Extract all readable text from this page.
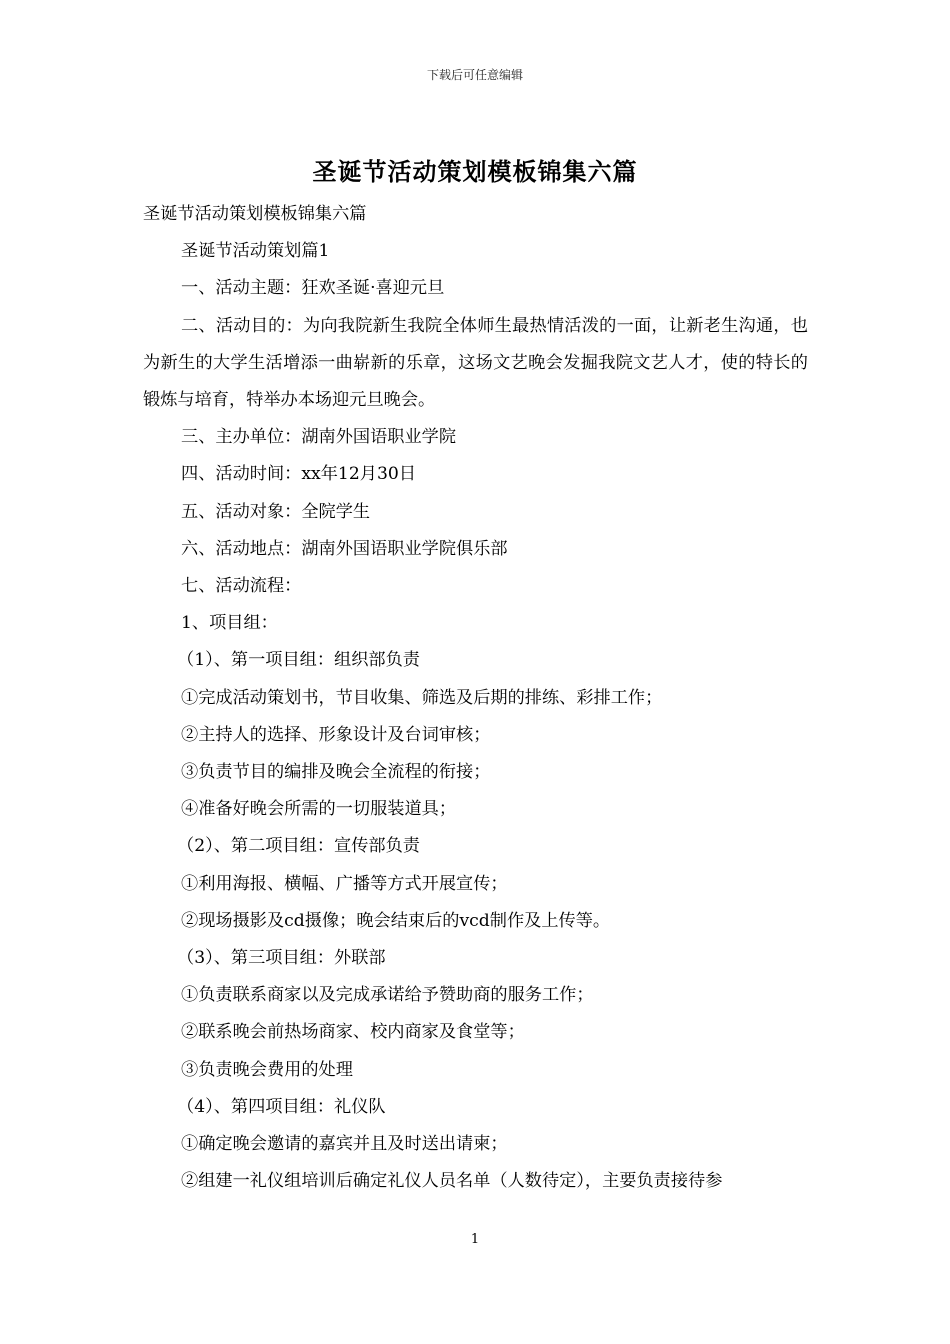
下载后可任意编辑
圣诞节活动策划模板锦集六篇
圣诞节活动策划模板锦集六篇
圣诞节活动策划篇1
一、活动主题：狂欢圣诞·喜迎元旦
二、活动目的：为向我院新生我院全体师生最热情活泼的一面，让新老生沟通，也为新生的大学生活增添一曲崭新的乐章，这场文艺晚会发掘我院文艺人才，使的特长的锻炼与培育，特举办本场迎元旦晚会。
三、主办单位：湖南外国语职业学院
四、活动时间：xx年12月30日
五、活动对象：全院学生
六、活动地点：湖南外国语职业学院俱乐部
七、活动流程：
1、项目组：
（1）、第一项目组：组织部负责
①完成活动策划书，节目收集、筛选及后期的排练、彩排工作；
②主持人的选择、形象设计及台词审核；
③负责节目的编排及晚会全流程的衔接；
④准备好晚会所需的一切服装道具；
（2）、第二项目组：宣传部负责
①利用海报、横幅、广播等方式开展宣传；
②现场摄影及cd摄像；晚会结束后的vcd制作及上传等。
（3）、第三项目组：外联部
①负责联系商家以及完成承诺给予赞助商的服务工作；
②联系晚会前热场商家、校内商家及食堂等；
③负责晚会费用的处理
（4）、第四项目组：礼仪队
①确定晚会邀请的嘉宾并且及时送出请柬；
②组建一礼仪组培训后确定礼仪人员名单（人数待定），主要负责接待参
1
